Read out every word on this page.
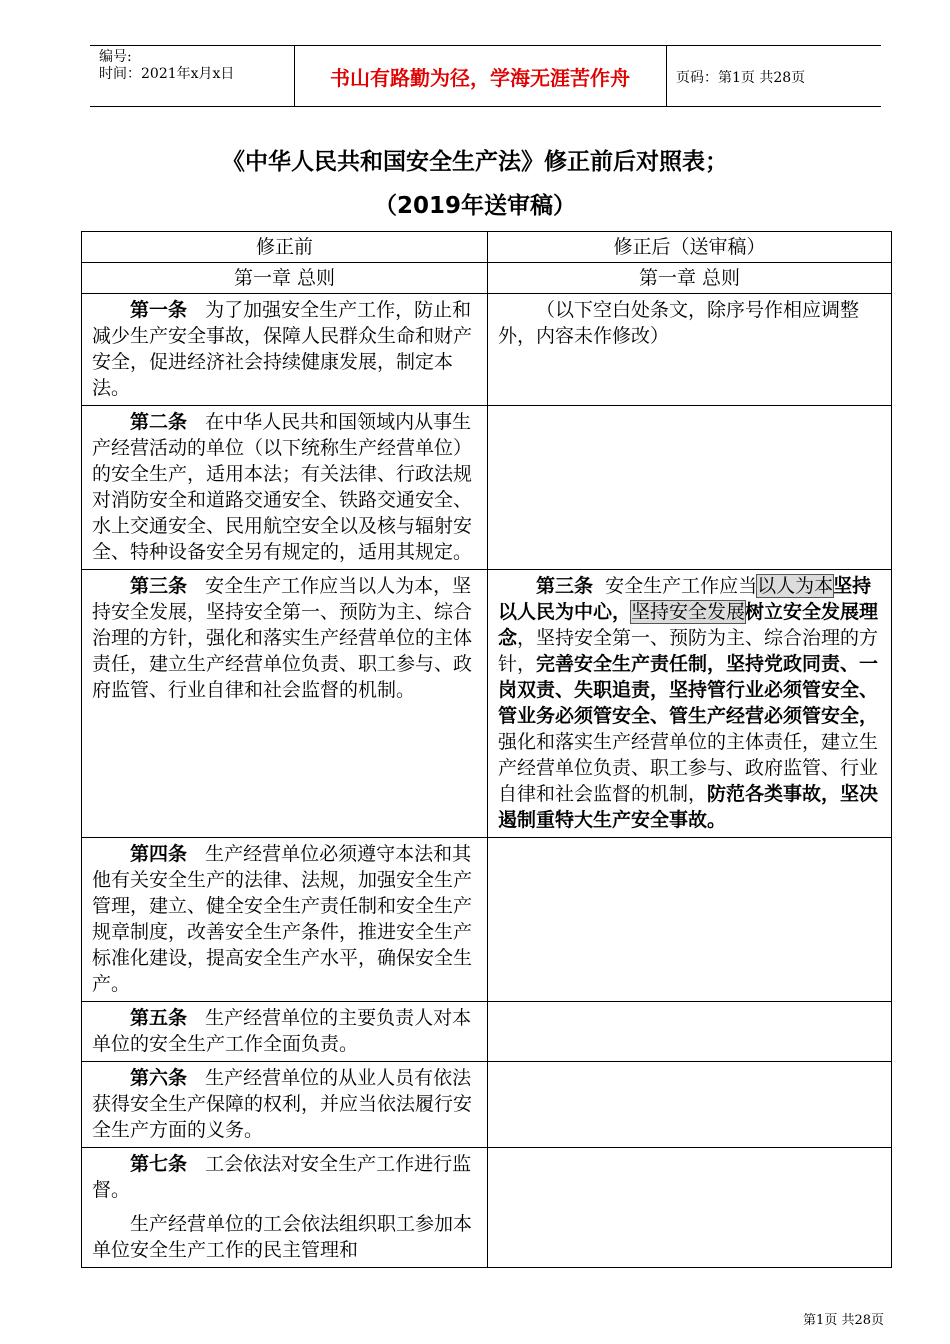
编号:
时间：2021年x月x日	书山有路勤为径，学海无涯苦作舟	页码：第1页 共28页
《中华人民共和国安全生产法》修正前后对照表；
（2019年送审稿）
修正前	修正后（送审稿）
第一章 总则	第一章 总则

第一条 为了加强安全生产工作，防止和减少生产安全事故，保障人民群众生命和财产安全，促进经济社会持续健康发展，制定本法。	（以下空白处条文，除序号作相应调整外，内容未作修改）

第二条 在中华人民共和国领域内从事生产经营活动的单位（以下统称生产经营单位）的安全生产，适用本法；有关法律、行政法规对消防安全和道路交通安全、铁路交通安全、水上交通安全、民用航空安全以及核与辐射安全、特种设备安全另有规定的，适用其规定。	

第三条 安全生产工作应当以人为本，坚持安全发展，坚持安全第一、预防为主、综合治理的方针，强化和落实生产经营单位的主体责任，建立生产经营单位负责、职工参与、政府监管、行业自律和社会监督的机制。	第三条 安全生产工作应当以人为本坚持以人民为中心，坚持安全发展树立安全发展理念，坚持安全第一、预防为主、综合治理的方针，完善安全生产责任制，坚持党政同责、一岗双责、失职追责，坚持管行业必须管安全、管业务必须管安全、管生产经营必须管安全，强化和落实生产经营单位的主体责任，建立生产经营单位负责、职工参与、政府监管、行业自律和社会监督的机制，防范各类事故，坚决遏制重特大生产安全事故。

第四条 生产经营单位必须遵守本法和其他有关安全生产的法律、法规，加强安全生产管理，建立、健全安全生产责任制和安全生产规章制度，改善安全生产条件，推进安全生产标准化建设，提高安全生产水平，确保安全生产。	

第五条 生产经营单位的主要负责人对本单位的安全生产工作全面负责。	

第六条 生产经营单位的从业人员有依法获得安全生产保障的权利，并应当依法履行安全生产方面的义务。	

第七条 工会依法对安全生产工作进行监督。

生产经营单位的工会依法组织职工参加本单位安全生产工作的民主管理和	

第1页 共28页
